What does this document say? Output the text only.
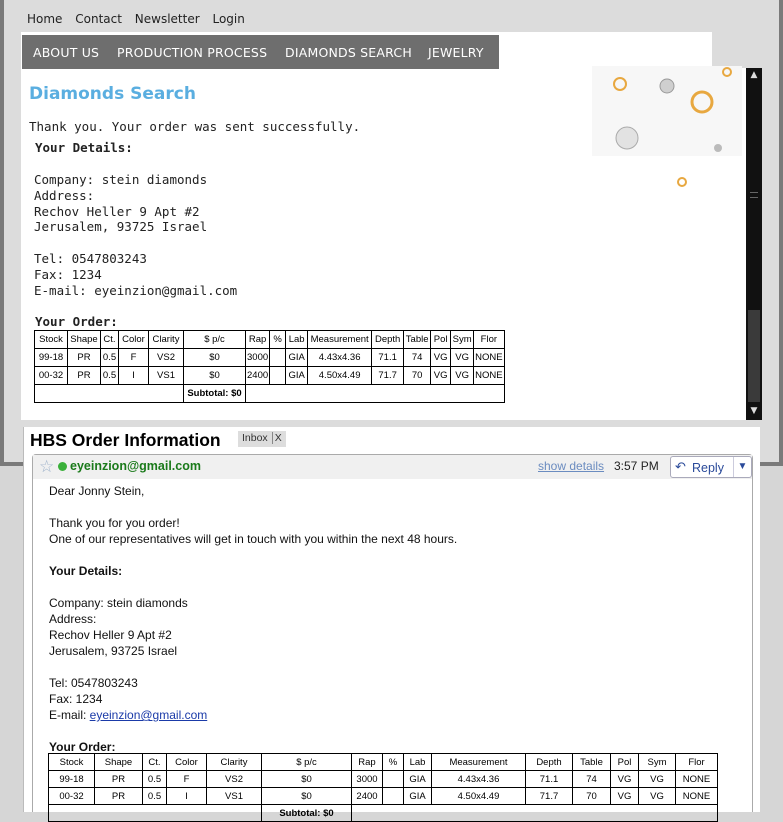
Home Contact Newsletter Login
ABOUT US PRODUCTION PROCESS DIAMONDS SEARCH JEWELRY
Diamonds Search
Thank you. Your order was sent successfully.
Your Details:
Company: stein diamonds
Address:
Rechov Heller 9 Apt #2
Jerusalem, 93725 Israel
Tel: 0547803243
Fax: 1234
E-mail: eyeinzion@gmail.com
Your Order:
Stock	Shape	Ct.	Color	Clarity	$ p/c	Rap	%	Lab	Measurement	Depth	Table	Pol	Sym	Flor
99-18	PR	0.5	F	VS2	$0	3000		GIA	4.43x4.36	71.1	74	VG	VG	NONE
00-32	PR	0.5	I	VS1	$0	2400		GIA	4.50x4.49	71.7	70	VG	VG	NONE
					Subtotal: $0									
▲
▼
HBS Order Information	Inbox X
☆ eyeinzion@gmail.com	show details 3:57 PM ↶ Reply	▼
Dear Jonny Stein,
Thank you for you order!
One of our representatives will get in touch with you within the next 48 hours.
Your Details:
Company: stein diamonds
Address:
Rechov Heller 9 Apt #2
Jerusalem, 93725 Israel
Tel: 0547803243
Fax: 1234
E-mail: eyeinzion@gmail.com
Your Order:
Stock	Shape	Ct.	Color	Clarity	$ p/c	Rap	%	Lab	Measurement	Depth	Table	Pol	Sym	Flor
99-18	PR	0.5	F	VS2	$0	3000		GIA	4.43x4.36	71.1	74	VG	VG	NONE
00-32	PR	0.5	I	VS1	$0	2400		GIA	4.50x4.49	71.7	70	VG	VG	NONE
					Subtotal: $0									
